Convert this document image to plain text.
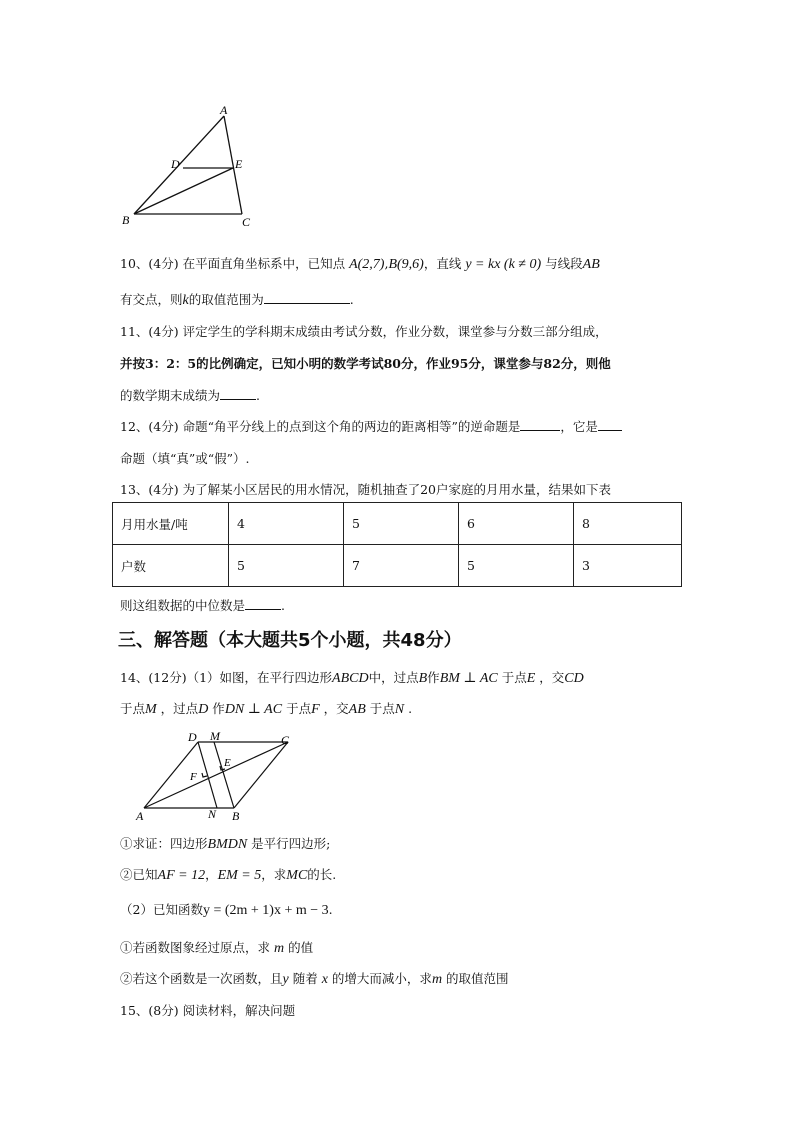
A
D	E
B	C
10、(4分) 在平面直角坐标系中，已知点 A(2,7),B(9,6)，直线 y = kx (k ≠ 0) 与线段AB
有交点，则k的取值范围为	.
11、(4分) 评定学生的学科期末成绩由考试分数，作业分数，课堂参与分数三部分组成，
并按3：2：5的比例确定，已知小明的数学考试80分，作业95分，课堂参与82分，则他
的数学期末成绩为	.
12、(4分) 命题“角平分线上的点到这个角的两边的距离相等”的逆命题是	，它是
命题（填“真”或“假”）.
13、(4分) 为了解某小区居民的用水情况，随机抽查了20户家庭的月用水量，结果如下表
月用水量/吨	4	5	6	8
户数	5	7	5	3
则这组数据的中位数是	.
三、解答题（本大题共5个小题，共48分）
14、(12分)（1）如图，在平行四边形ABCD中，过点B作BM ⊥ AC 于点E ，交CD
于点M ，过点D 作DN ⊥ AC 于点F ，交AB 于点N .
D M	C
F
E
A	N B
①求证：四边形BMDN 是平行四边形;
②已知AF = 12，EM = 5，求MC的长.
（2）已知函数y = (2m + 1)x + m − 3.
①若函数图象经过原点，求 m 的值
②若这个函数是一次函数，且y 随着 x 的增大而减小，求m 的取值范围
15、(8分) 阅读材料，解决问题
